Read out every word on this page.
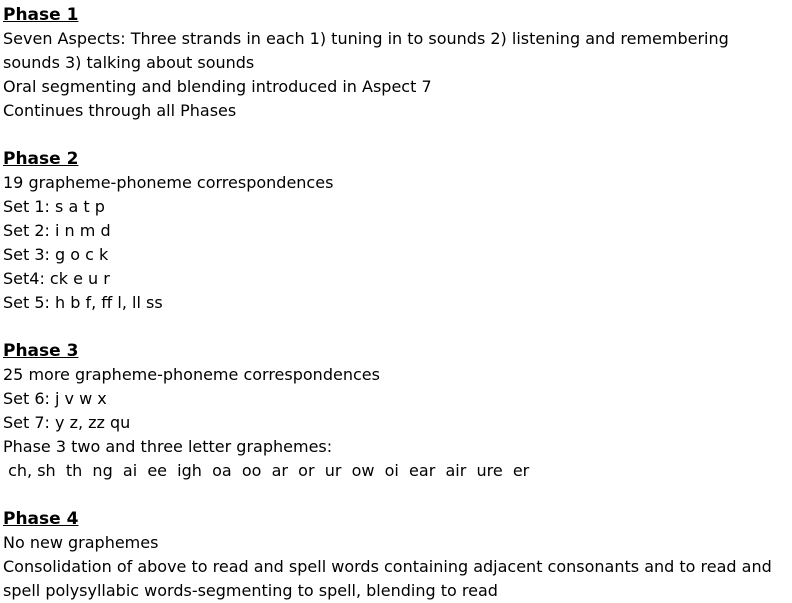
Phase 1
Seven Aspects: Three strands in each 1) tuning in to sounds 2) listening and remembering sounds 3) talking about sounds
Oral segmenting and blending introduced in Aspect 7
Continues through all Phases
Phase 2
19 grapheme-phoneme correspondences
Set 1: s a t p
Set 2: i n m d
Set 3: g o c k
Set4: ck e u r
Set 5: h b f, ff l, ll ss
Phase 3
25 more grapheme-phoneme correspondences
Set 6: j v w x
Set 7: y z, zz qu
Phase 3 two and three letter graphemes:
ch, sh  th  ng  ai  ee  igh  oa  oo  ar  or  ur  ow  oi  ear  air  ure  er
Phase 4
No new graphemes
Consolidation of above to read and spell words containing adjacent consonants and to read and spell polysyllabic words-segmenting to spell, blending to read
